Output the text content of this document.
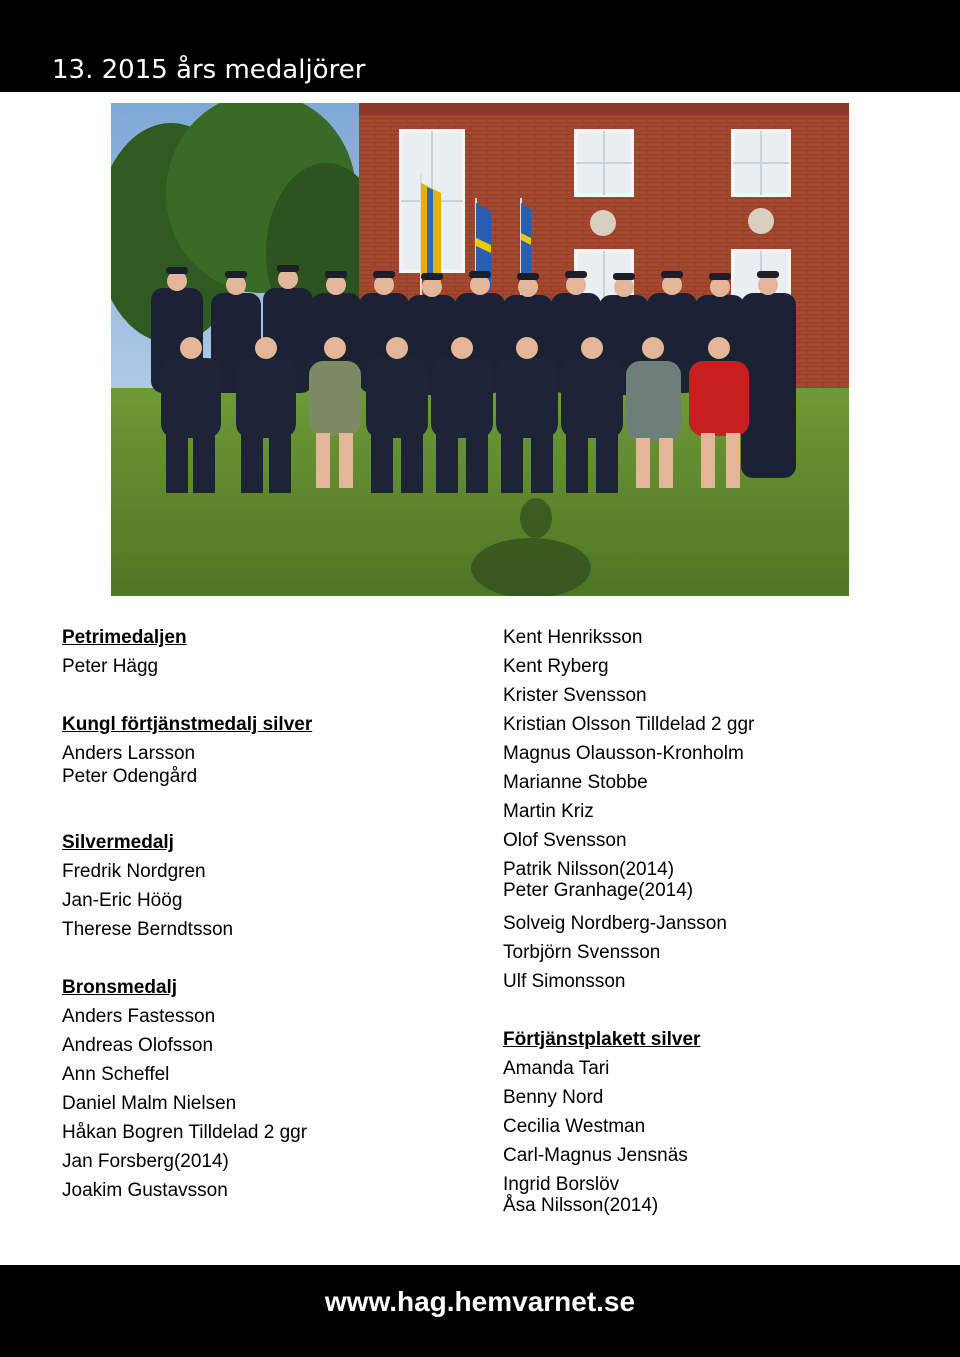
13. 2015 års medaljörer
Petrimedaljen
Peter Hägg
Kungl förtjänstmedalj silver
Anders Larsson
Peter Odengård
Silvermedalj
Fredrik Nordgren
Jan-Eric Höög
Therese Berndtsson
Bronsmedalj
Anders Fastesson
Andreas Olofsson
Ann Scheffel
Daniel Malm Nielsen
Håkan Bogren Tilldelad 2 ggr
Jan Forsberg(2014)
Joakim Gustavsson
Kent Henriksson
Kent Ryberg
Krister Svensson
Kristian Olsson Tilldelad 2 ggr
Magnus Olausson-Kronholm
Marianne Stobbe
Martin Kriz
Olof Svensson
Patrik Nilsson(2014)
Peter Granhage(2014)
Solveig Nordberg-Jansson
Torbjörn Svensson
Ulf Simonsson
Förtjänstplakett silver
Amanda Tari
Benny Nord
Cecilia Westman
Carl-Magnus Jensnäs
Ingrid Borslöv
Åsa Nilsson(2014)
www.hag.hemvarnet.se
